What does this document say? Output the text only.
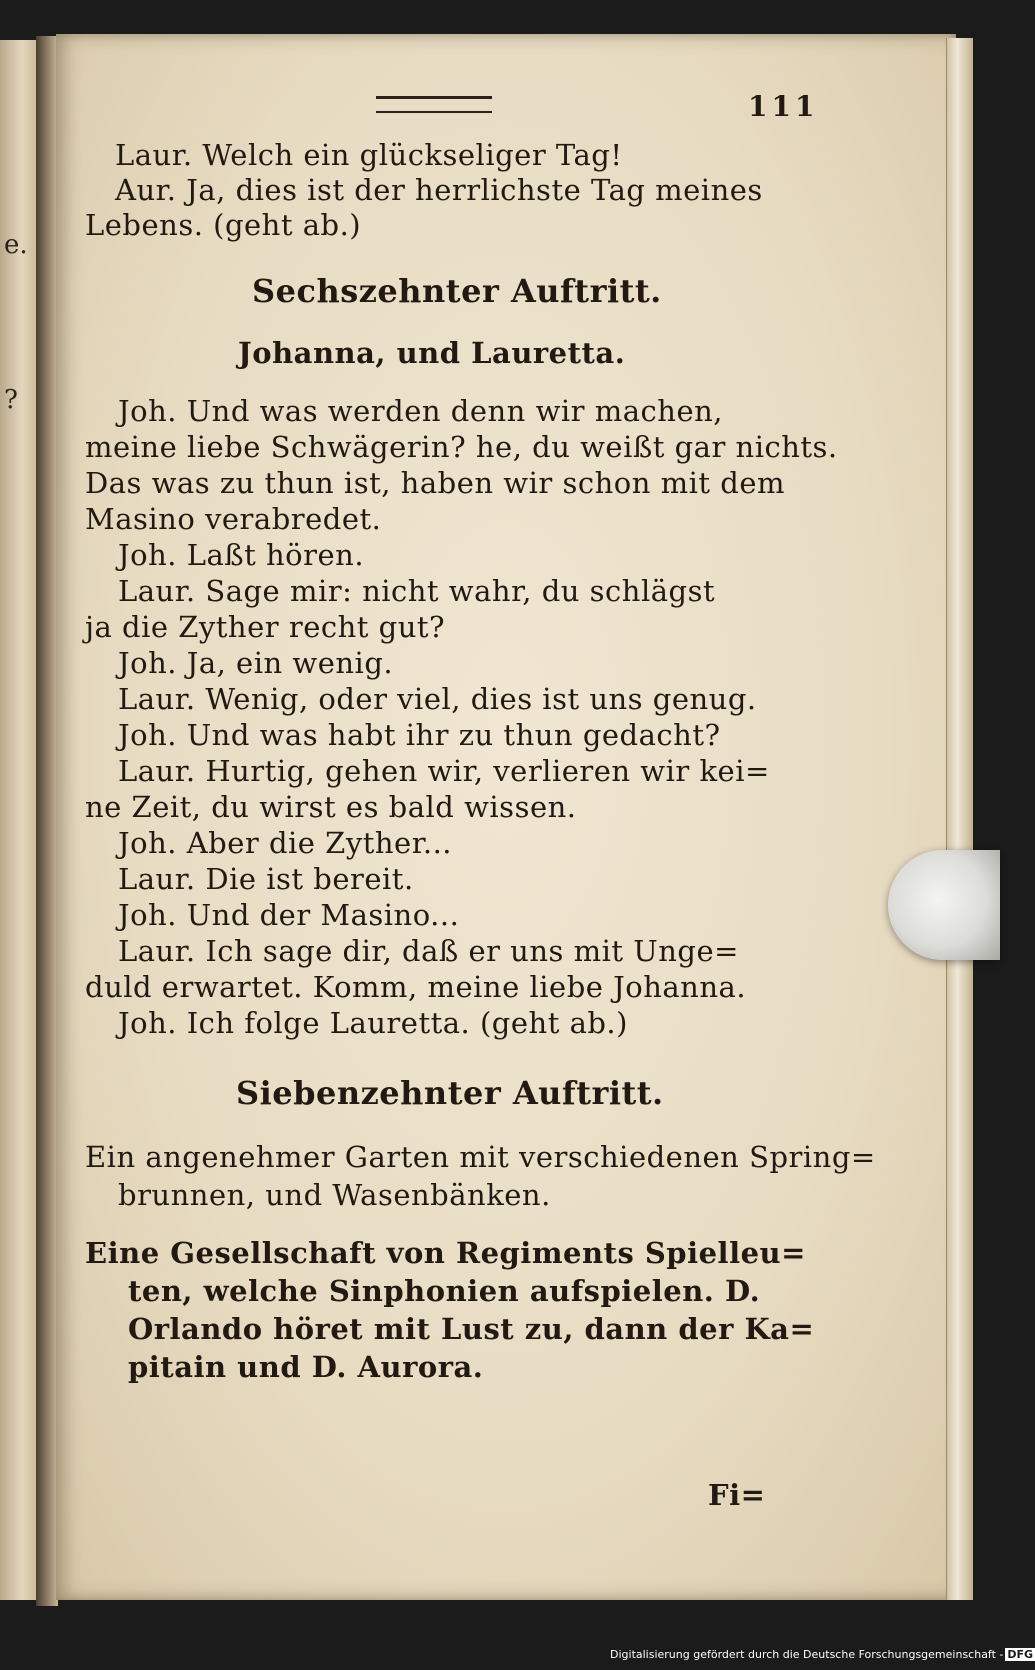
e.
?
111
Laur. Welch ein glückseliger Tag!
Aur. Ja, dies ist der herrlichste Tag meines
Lebens. (geht ab.)
Sechszehnter Auftritt.
Johanna, und Lauretta.
Joh. Und was werden denn wir machen,
meine liebe Schwägerin? he, du weißt gar nichts.
Das was zu thun ist, haben wir schon mit dem
Masino verabredet.
Joh. Laßt hören.
Laur. Sage mir: nicht wahr, du schlägst
ja die Zyther recht gut?
Joh. Ja, ein wenig.
Laur. Wenig, oder viel, dies ist uns genug.
Joh. Und was habt ihr zu thun gedacht?
Laur. Hurtig, gehen wir, verlieren wir kei=
ne Zeit, du wirst es bald wissen.
Joh. Aber die Zyther...
Laur. Die ist bereit.
Joh. Und der Masino...
Laur. Ich sage dir, daß er uns mit Unge=
duld erwartet. Komm, meine liebe Johanna.
Joh. Ich folge Lauretta. (geht ab.)
Siebenzehnter Auftritt.
Ein angenehmer Garten mit verschiedenen Spring=
brunnen, und Wasenbänken.
Eine Gesellschaft von Regiments Spielleu=
ten, welche Sinphonien aufspielen. D.
Orlando höret mit Lust zu, dann der Ka=
pitain und D. Aurora.
Fi=
Digitalisierung gefördert durch die Deutsche Forschungsgemeinschaft - DFG
